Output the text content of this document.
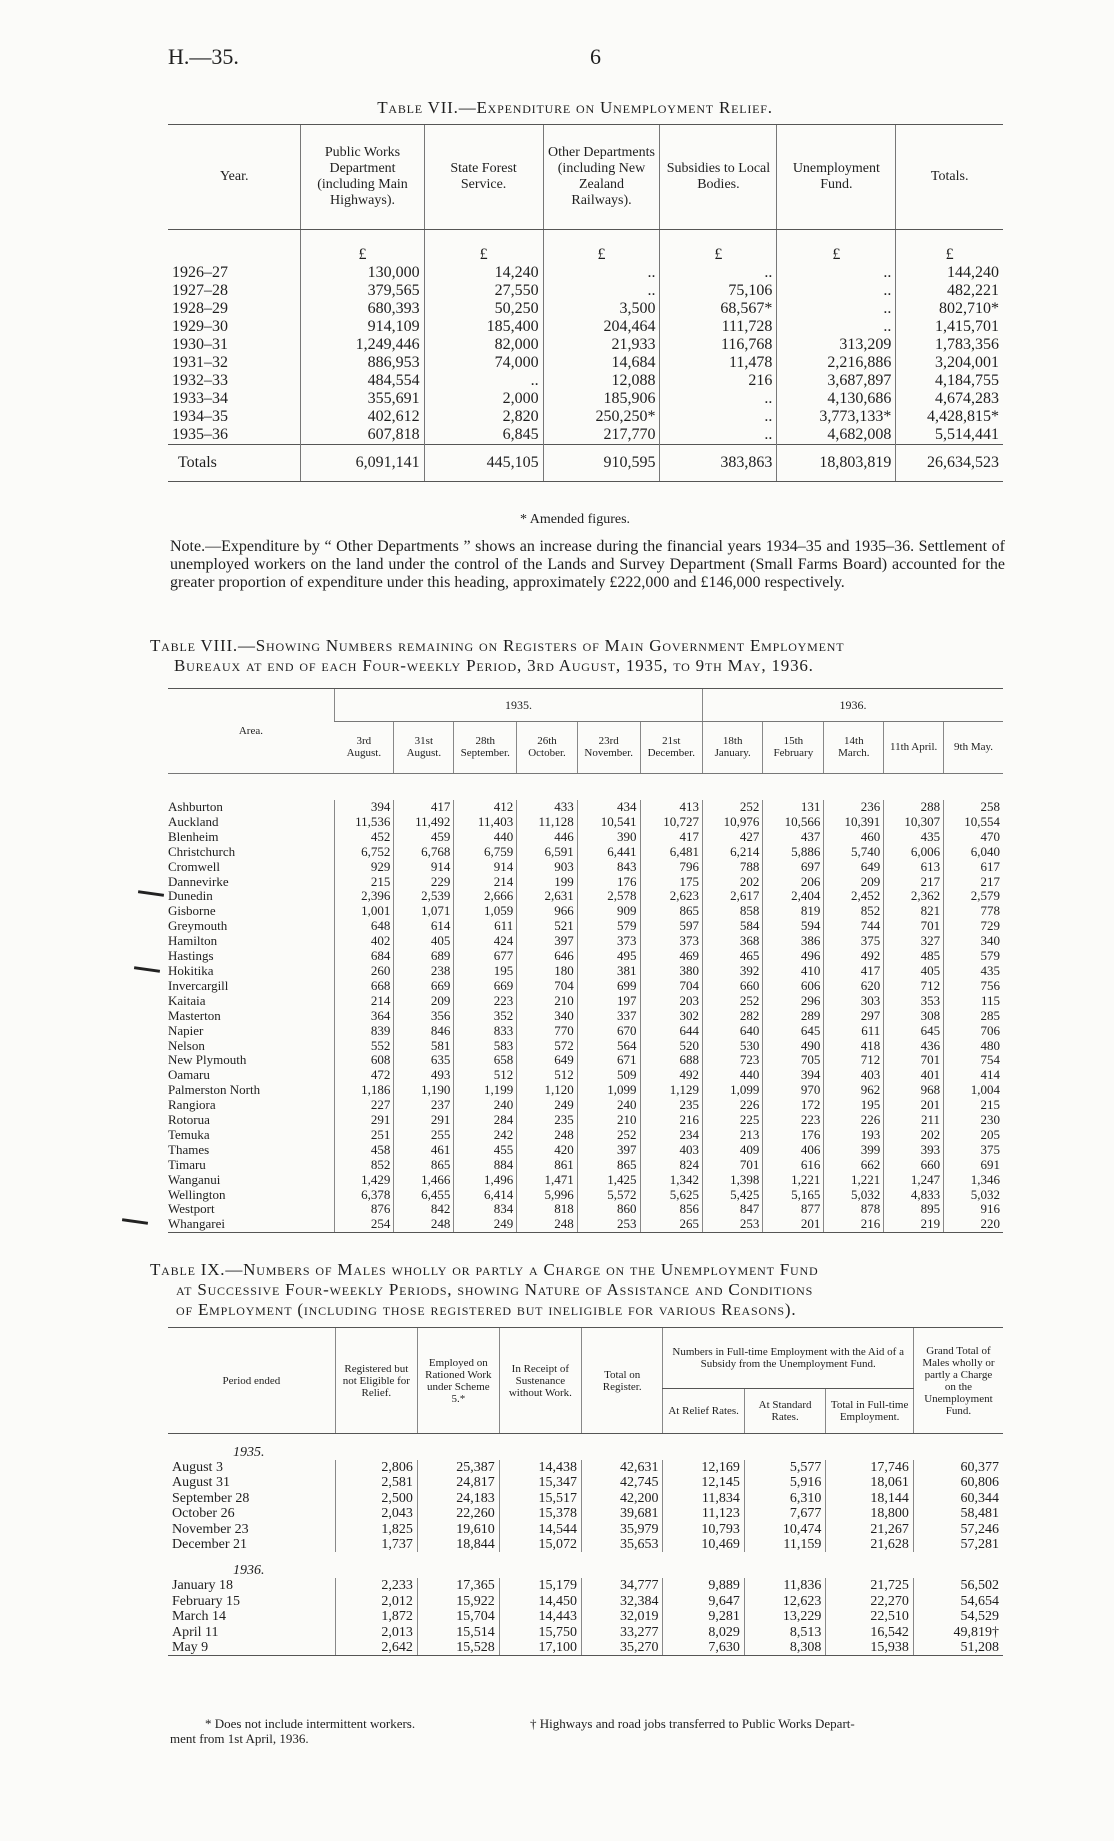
H.—35.	6
Table VII.—Expenditure on Unemployment Relief.
Year.	Public Works Department (including Main Highways).	State Forest Service.	Other Departments (including New Zealand Railways).	Subsidies to Local Bodies.	Unemployment Fund.	Totals.
	£	£	£	£	£	£
1926–27	130,000	14,240	..	..	..	144,240
1927–28	379,565	27,550	..	75,106	..	482,221
1928–29	680,393	50,250	3,500	68,567*	..	802,710*
1929–30	914,109	185,400	204,464	111,728	..	1,415,701
1930–31	1,249,446	82,000	21,933	116,768	313,209	1,783,356
1931–32	886,953	74,000	14,684	11,478	2,216,886	3,204,001
1932–33	484,554	..	12,088	216	3,687,897	4,184,755
1933–34	355,691	2,000	185,906	..	4,130,686	4,674,283
1934–35	402,612	2,820	250,250*	..	3,773,133*	4,428,815*
1935–36	607,818	6,845	217,770	..	4,682,008	5,514,441
Totals	6,091,141	445,105	910,595	383,863	18,803,819	26,634,523
* Amended figures.
Note.—Expenditure by “ Other Departments ” shows an increase during the financial years 1934–35 and 1935–36. Settlement of unemployed workers on the land under the control of the Lands and Survey Department (Small Farms Board) accounted for the greater proportion of expenditure under this heading, approximately £222,000 and £146,000 respectively.
Table VIII.—Showing Numbers remaining on Registers of Main Government Employment
Bureaux at end of each Four-weekly Period, 3rd August, 1935, to 9th May, 1936.
Area.	1935.						1936.				
	3rd August.	31st August.	28th September.	26th October.	23rd November.	21st December.	18th January.	15th February	14th March.	11th April.	9th May.

Ashburton	394	417	412	433	434	413	252	131	236	288	258
Auckland	11,536	11,492	11,403	11,128	10,541	10,727	10,976	10,566	10,391	10,307	10,554
Blenheim	452	459	440	446	390	417	427	437	460	435	470
Christchurch	6,752	6,768	6,759	6,591	6,441	6,481	6,214	5,886	5,740	6,006	6,040
Cromwell	929	914	914	903	843	796	788	697	649	613	617
Dannevirke	215	229	214	199	176	175	202	206	209	217	217
Dunedin	2,396	2,539	2,666	2,631	2,578	2,623	2,617	2,404	2,452	2,362	2,579
Gisborne	1,001	1,071	1,059	966	909	865	858	819	852	821	778
Greymouth	648	614	611	521	579	597	584	594	744	701	729
Hamilton	402	405	424	397	373	373	368	386	375	327	340
Hastings	684	689	677	646	495	469	465	496	492	485	579
Hokitika	260	238	195	180	381	380	392	410	417	405	435
Invercargill	668	669	669	704	699	704	660	606	620	712	756
Kaitaia	214	209	223	210	197	203	252	296	303	353	115
Masterton	364	356	352	340	337	302	282	289	297	308	285
Napier	839	846	833	770	670	644	640	645	611	645	706
Nelson	552	581	583	572	564	520	530	490	418	436	480
New Plymouth	608	635	658	649	671	688	723	705	712	701	754
Oamaru	472	493	512	512	509	492	440	394	403	401	414
Palmerston North	1,186	1,190	1,199	1,120	1,099	1,129	1,099	970	962	968	1,004
Rangiora	227	237	240	249	240	235	226	172	195	201	215
Rotorua	291	291	284	235	210	216	225	223	226	211	230
Temuka	251	255	242	248	252	234	213	176	193	202	205
Thames	458	461	455	420	397	403	409	406	399	393	375
Timaru	852	865	884	861	865	824	701	616	662	660	691
Wanganui	1,429	1,466	1,496	1,471	1,425	1,342	1,398	1,221	1,221	1,247	1,346
Wellington	6,378	6,455	6,414	5,996	5,572	5,625	5,425	5,165	5,032	4,833	5,032
Westport	876	842	834	818	860	856	847	877	878	895	916
Whangarei	254	248	249	248	253	265	253	201	216	219	220
Table IX.—Numbers of Males wholly or partly a Charge on the Unemployment Fund
at Successive Four-weekly Periods, showing Nature of Assistance and Conditions
of Employment (including those registered but ineligible for various Reasons).
Period ended	Registered but not Eligible for Relief.	Employed on Rationed Work under Scheme 5.*	In Receipt of Sustenance without Work.	Total on Register.	Numbers in Full-time Employment with the Aid of a Subsidy from the Unemployment Fund.			Grand Total of Males wholly or partly a Charge on the Unemployment Fund.
					At Relief Rates.	At Standard Rates.	Total in Full-time Employment.	
1935.								
August 3	2,806	25,387	14,438	42,631	12,169	5,577	17,746	60,377
August 31	2,581	24,817	15,347	42,745	12,145	5,916	18,061	60,806
September 28	2,500	24,183	15,517	42,200	11,834	6,310	18,144	60,344
October 26	2,043	22,260	15,378	39,681	11,123	7,677	18,800	58,481
November 23	1,825	19,610	14,544	35,979	10,793	10,474	21,267	57,246
December 21	1,737	18,844	15,072	35,653	10,469	11,159	21,628	57,281
1936.								
January 18	2,233	17,365	15,179	34,777	9,889	11,836	21,725	56,502
February 15	2,012	15,922	14,450	32,384	9,647	12,623	22,270	54,654
March 14	1,872	15,704	14,443	32,019	9,281	13,229	22,510	54,529
April 11	2,013	15,514	15,750	33,277	8,029	8,513	16,542	49,819†
May 9	2,642	15,528	17,100	35,270	7,630	8,308	15,938	51,208
* Does not include intermittent workers.	† Highways and road jobs transferred to Public Works Depart-
ment from 1st April, 1936.
